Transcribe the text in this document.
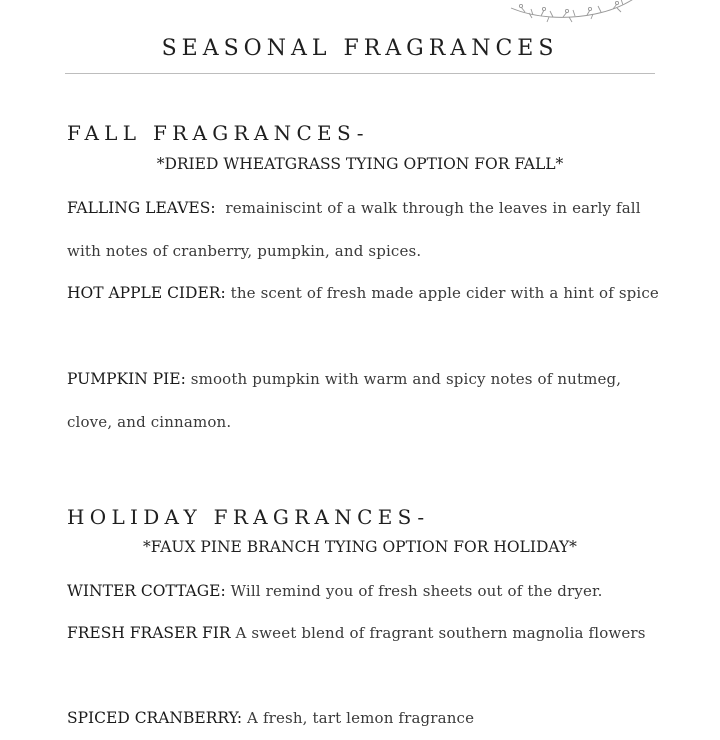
SEASONAL FRAGRANCES
FALL FRAGRANCES-
*DRIED WHEATGRASS TYING OPTION FOR FALL*

FALLING LEAVES: remainiscint of a walk through the leaves in early fall with notes of cranberry, pumpkin, and spices.

HOT APPLE CIDER: the scent of fresh made apple cider with a hint of spice

PUMPKIN PIE: smooth pumpkin with warm and spicy notes of nutmeg, clove, and cinnamon.

HOLIDAY FRAGRANCES-
*FAUX PINE BRANCH TYING OPTION FOR HOLIDAY*

WINTER COTTAGE: Will remind you of fresh sheets out of the dryer.

FRESH FRASER FIR A sweet blend of fragrant southern magnolia flowers

SPICED CRANBERRY: A fresh, tart lemon fragrance
